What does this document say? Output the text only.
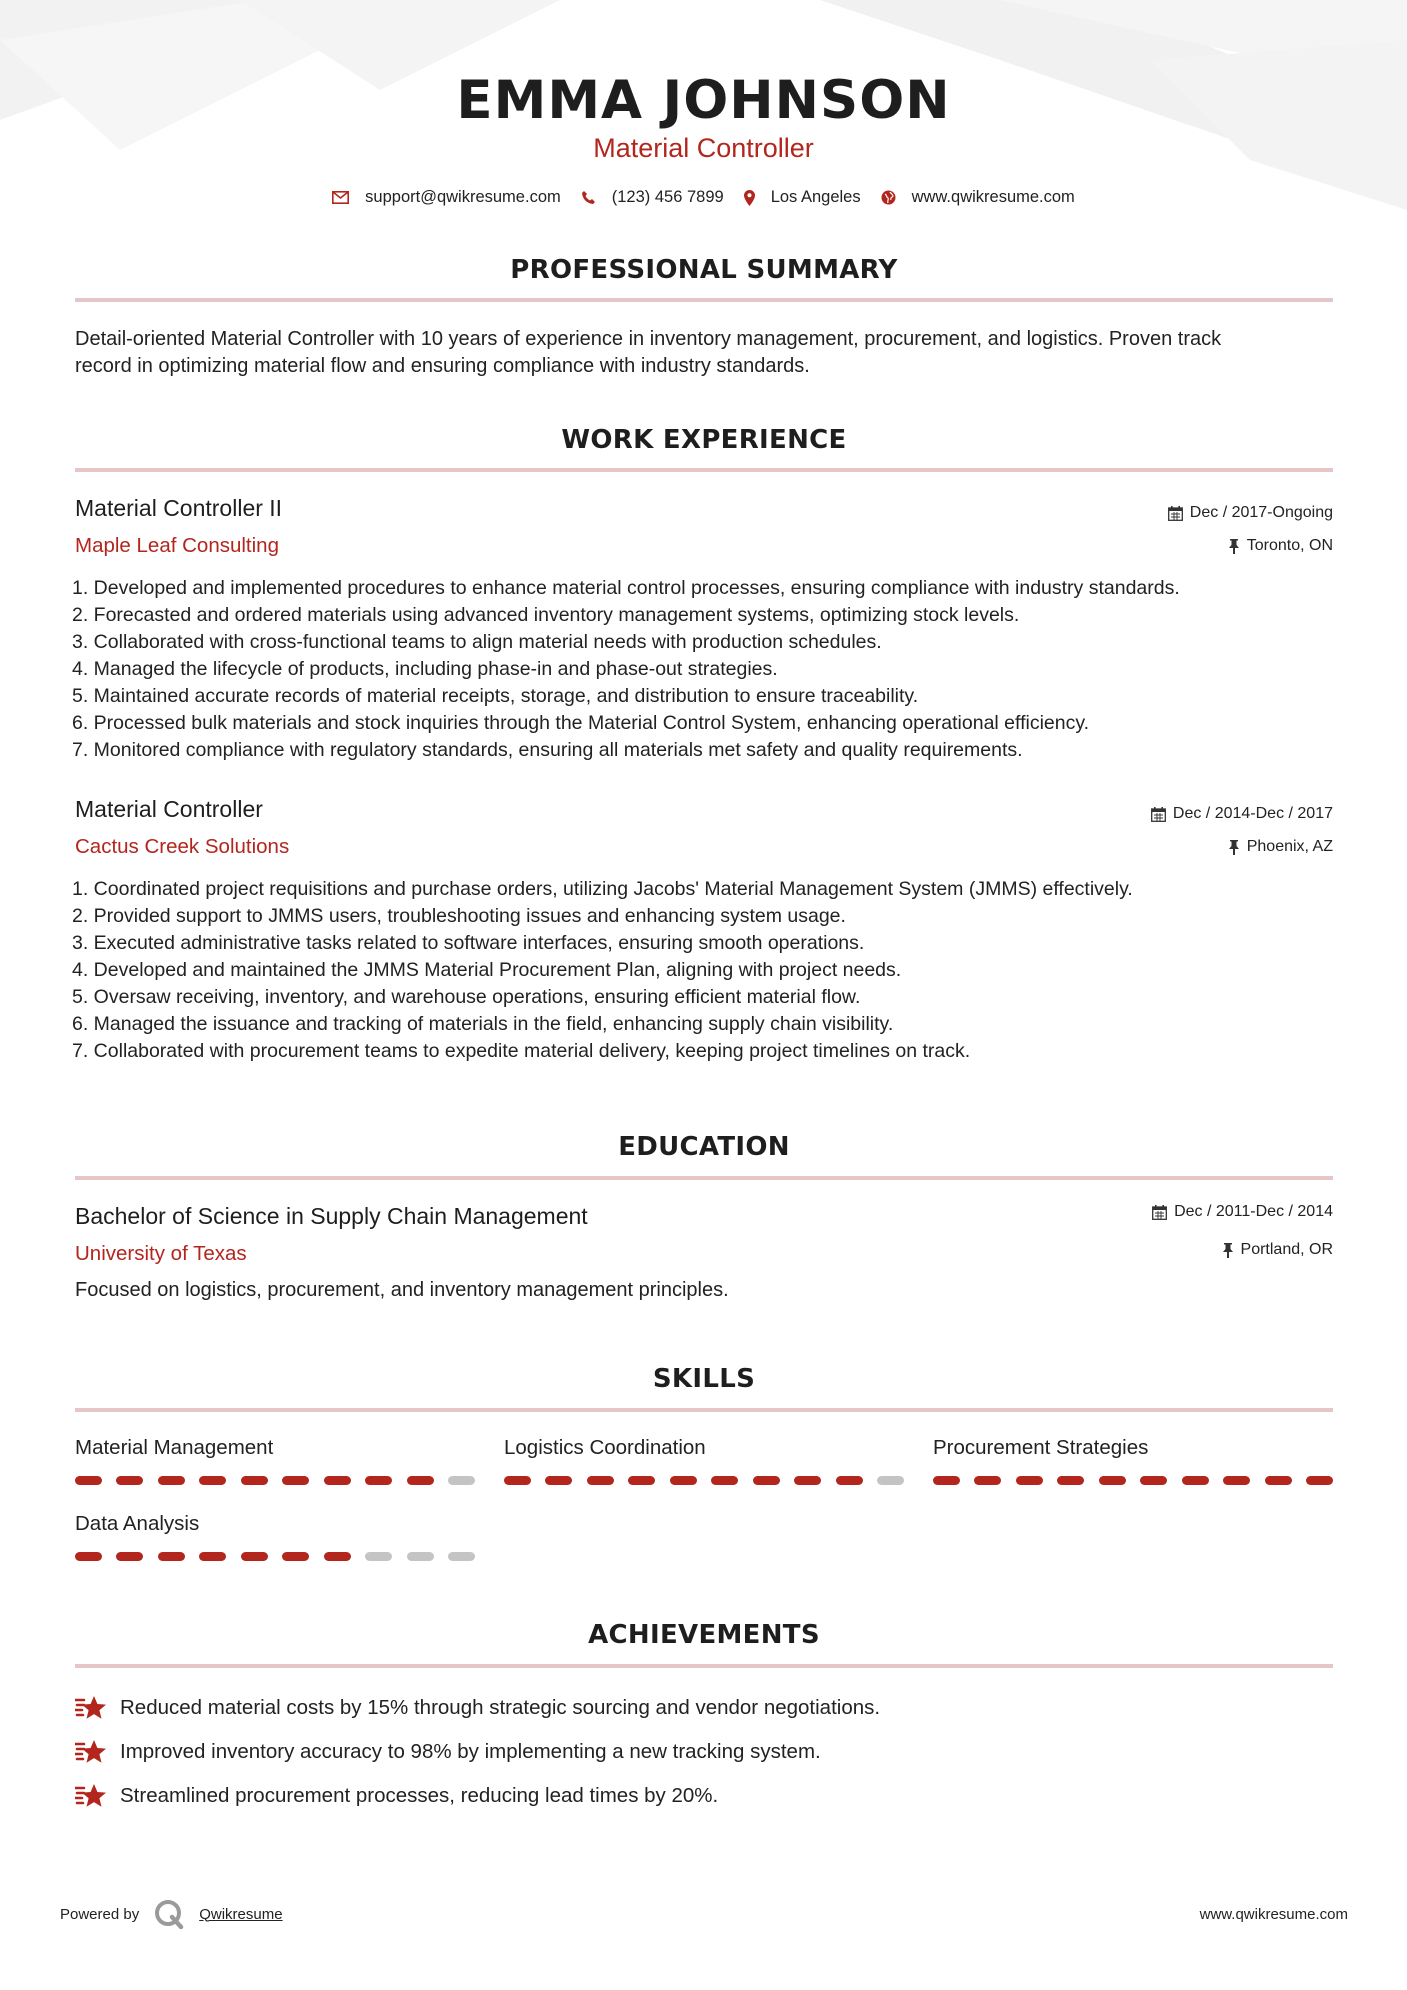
EMMA JOHNSON
Material Controller
support@qwikresume.com	(123) 456 7899	Los Angeles	www.qwikresume.com
PROFESSIONAL SUMMARY
Detail-oriented Material Controller with 10 years of experience in inventory management, procurement, and logistics. Proven track
record in optimizing material flow and ensuring compliance with industry standards.
WORK EXPERIENCE
Material Controller II	Dec / 2017-Ongoing
Maple Leaf Consulting	Toronto, ON
1. Developed and implemented procedures to enhance material control processes, ensuring compliance with industry standards.
2. Forecasted and ordered materials using advanced inventory management systems, optimizing stock levels.
3. Collaborated with cross-functional teams to align material needs with production schedules.
4. Managed the lifecycle of products, including phase-in and phase-out strategies.
5. Maintained accurate records of material receipts, storage, and distribution to ensure traceability.
6. Processed bulk materials and stock inquiries through the Material Control System, enhancing operational efficiency.
7. Monitored compliance with regulatory standards, ensuring all materials met safety and quality requirements.
Material Controller	Dec / 2014-Dec / 2017
Cactus Creek Solutions	Phoenix, AZ
1. Coordinated project requisitions and purchase orders, utilizing Jacobs' Material Management System (JMMS) effectively.
2. Provided support to JMMS users, troubleshooting issues and enhancing system usage.
3. Executed administrative tasks related to software interfaces, ensuring smooth operations.
4. Developed and maintained the JMMS Material Procurement Plan, aligning with project needs.
5. Oversaw receiving, inventory, and warehouse operations, ensuring efficient material flow.
6. Managed the issuance and tracking of materials in the field, enhancing supply chain visibility.
7. Collaborated with procurement teams to expedite material delivery, keeping project timelines on track.
EDUCATION
Bachelor of Science in Supply Chain Management	Dec / 2011-Dec / 2014
University of Texas	Portland, OR
Focused on logistics, procurement, and inventory management principles.
SKILLS
Material Management	Logistics Coordination	Procurement Strategies
Data Analysis
ACHIEVEMENTS
Reduced material costs by 15% through strategic sourcing and vendor negotiations.
Improved inventory accuracy to 98% by implementing a new tracking system.
Streamlined procurement processes, reducing lead times by 20%.
Powered by	Qwikresume	www.qwikresume.com
